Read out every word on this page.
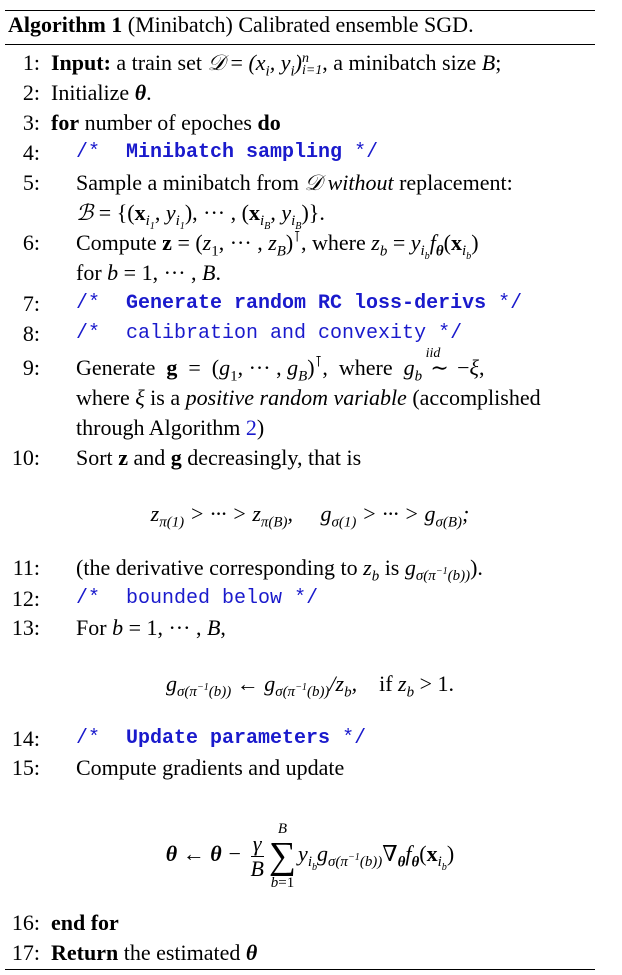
Algorithm 1 (Minibatch) Calibrated ensemble SGD.
1: Input: a train set 𝒟 = ($x_i$, $y_i$) n
i=1 , a minibatch size B;
2: Initialize θ.
3: for number of epoches do
4: /* Minibatch sampling */
5: Sample a minibatch from 𝒟 without replacement:
ℬ = {($x_{i_1}$, $y_{i_1}$), ··· , ($x_{i_B}$, $y_{i_B}$)}.
6: Compute $z = (z_1$, ··· , $z_B)^⊺$, where $z_b = y_{i_b}f_\theta(x_{i_b})$
for b = 1, ··· , B.
7: /* Generate random RC loss-derivs */
8: /* calibration and convexity */
9: Generate  $g = (g_1$, ··· , $g_B)^⊺$,  where  $g_b$
iid
∼ −ξ,
where ξ is a positive random variable (accomplished
through Algorithm 2)
10: Sort z and g decreasingly, that is
$z_{\pi(1)}$ > ··· > $z_{\pi(B)}$,     $g_{\sigma(1)}$ > ··· > $g_{\sigma(B)}$;
11: (the derivative corresponding to $z_b$ is $g_{\sigma(\pi^{-1}(b))}$).
12: /* bounded below */
13: For b = 1, ··· , B,
$g_{\sigma(\pi^{-1}(b))}$ ← $g_{\sigma(\pi^{-1}(b))}/z_b$,    if $z_b > 1$.
14: /* Update parameters */
15: Compute gradients and update
θ ← $\theta - \frac{\gamma}{B}$
B
∑
b=1
$y_{i_b}g_{\sigma(\pi^{-1}(b))}\nabla_\theta f_\theta(x_{i_b})$
16: end for
17: Return the estimated θ
